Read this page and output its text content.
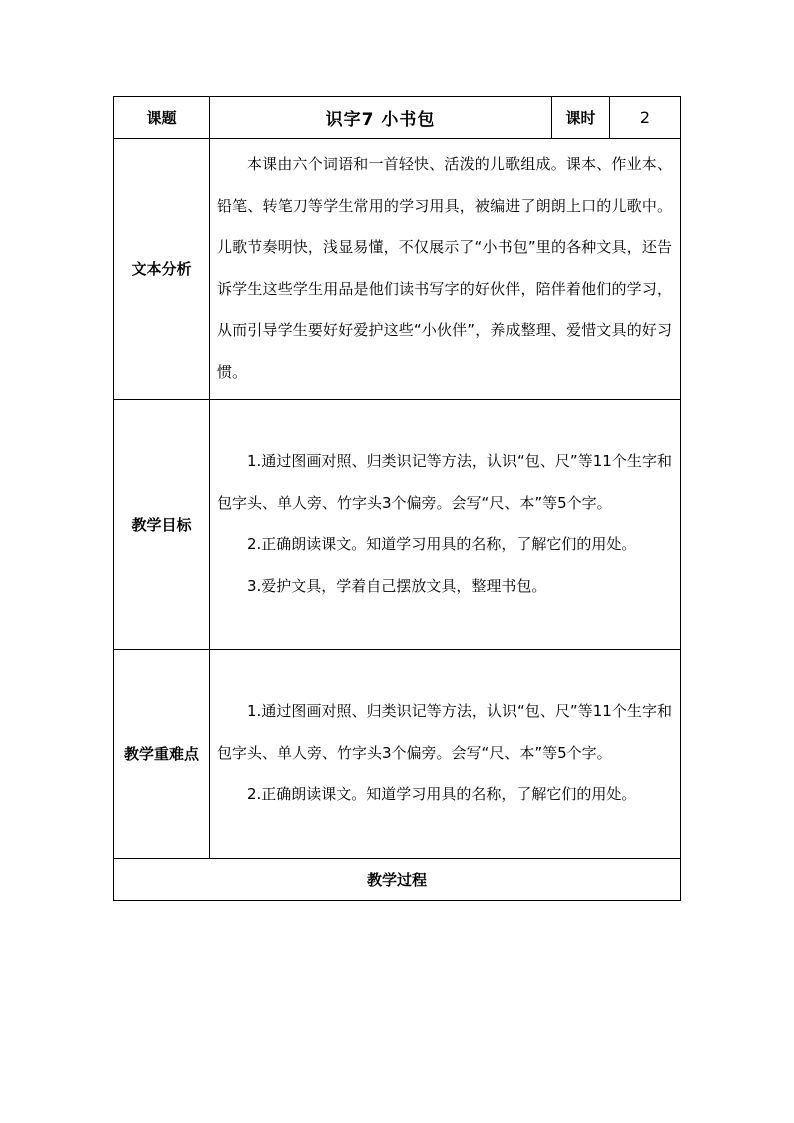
课题	识字7 小书包	课时	2
文本分析	本课由六个词语和一首轻快、活泼的儿歌组成。课本、作业本、铅笔、转笔刀等学生常用的学习用具，被编进了朗朗上口的儿歌中。儿歌节奏明快，浅显易懂，不仅展示了“小书包”里的各种文具，还告诉学生这些学生用品是他们读书写字的好伙伴，陪伴着他们的学习，从而引导学生要好好爱护这些“小伙伴”，养成整理、爱惜文具的好习惯。		

教学目标	1.通过图画对照、归类识记等方法，认识“包、尺”等11个生字和包字头、单人旁、竹字头3个偏旁。会写“尺、本”等5个字。

2.正确朗读课文。知道学习用具的名称，了解它们的用处。

3.爱护文具，学着自己摆放文具，整理书包。		

教学重难点	1.通过图画对照、归类识记等方法，认识“包、尺”等11个生字和包字头、单人旁、竹字头3个偏旁。会写“尺、本”等5个字。

2.正确朗读课文。知道学习用具的名称，了解它们的用处。		

教学过程			
